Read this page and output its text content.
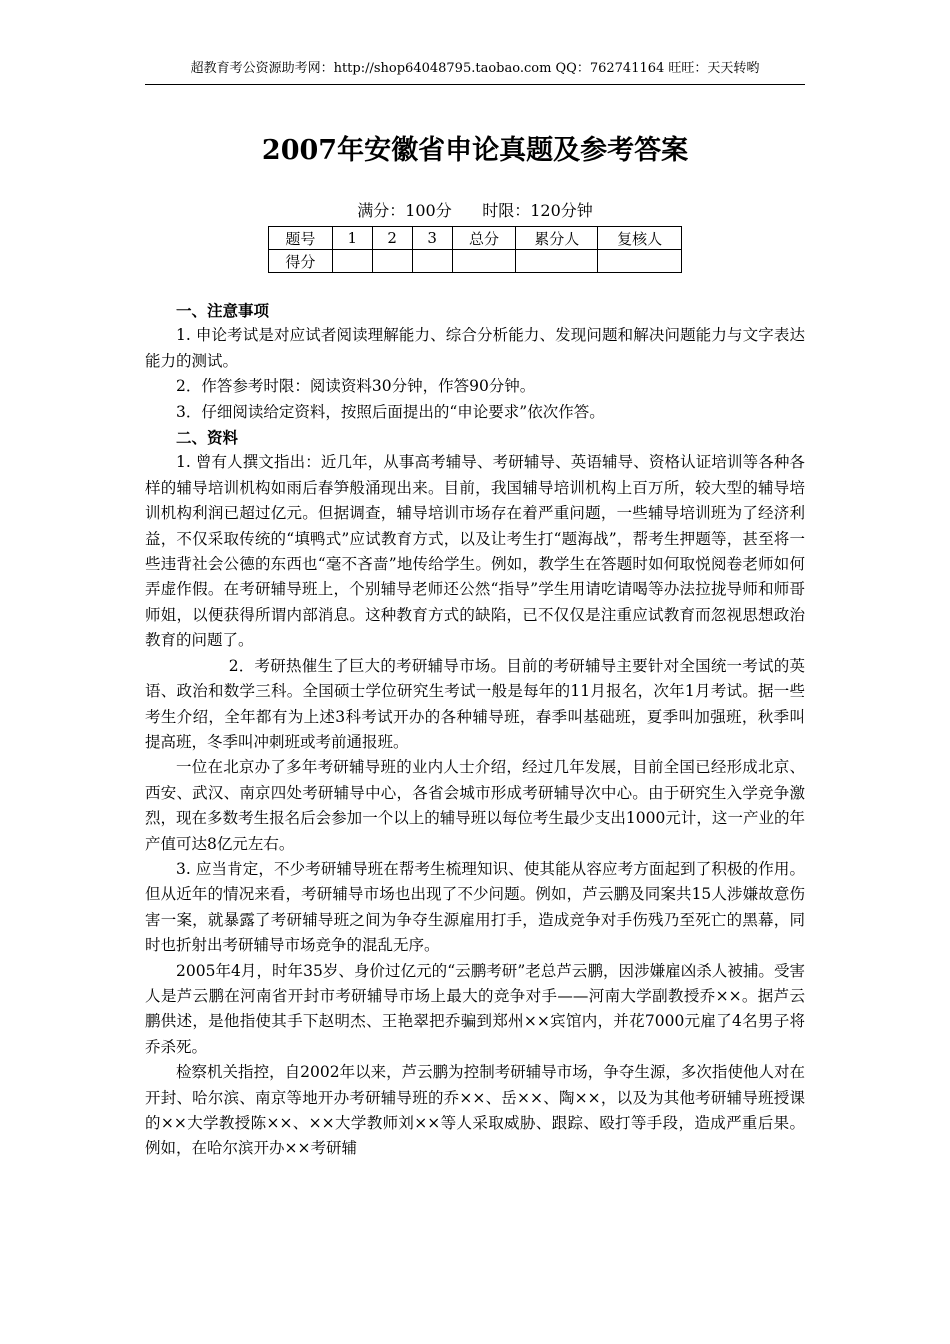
超教育考公资源助考网：http://shop64048795.taobao.com QQ：762741164 旺旺：天天转哟
2007年安徽省申论真题及参考答案
满分：100分      时限：120分钟
题号	1	2	3	总分	累分人	复核人
得分						

一、注意事项

1. 申论考试是对应试者阅读理解能力、综合分析能力、发现问题和解决问题能力与文字表达能力的测试。

2．作答参考时限：阅读资料30分钟，作答90分钟。

3．仔细阅读给定资料，按照后面提出的“申论要求”依次作答。

二、资料

1. 曾有人撰文指出：近几年，从事高考辅导、考研辅导、英语辅导、资格认证培训等各种各样的辅导培训机构如雨后春笋般涌现出来。目前，我国辅导培训机构上百万所，较大型的辅导培训机构利润已超过亿元。但据调查，辅导培训市场存在着严重问题，一些辅导培训班为了经济利益，不仅采取传统的“填鸭式”应试教育方式，以及让考生打“题海战”，帮考生押题等，甚至将一些违背社会公德的东西也“毫不吝啬”地传给学生。例如，教学生在答题时如何取悦阅卷老师如何弄虚作假。在考研辅导班上，个别辅导老师还公然“指导”学生用请吃请喝等办法拉拢导师和师哥师姐，以便获得所谓内部消息。这种教育方式的缺陷，已不仅仅是注重应试教育而忽视思想政治教育的问题了。

2．考研热催生了巨大的考研辅导市场。目前的考研辅导主要针对全国统一考试的英语、政治和数学三科。全国硕士学位研究生考试一般是每年的11月报名，次年1月考试。据一些考生介绍，全年都有为上述3科考试开办的各种辅导班，春季叫基础班，夏季叫加强班，秋季叫提高班，冬季叫冲刺班或考前通报班。

一位在北京办了多年考研辅导班的业内人士介绍，经过几年发展，目前全国已经形成北京、西安、武汉、南京四处考研辅导中心，各省会城市形成考研辅导次中心。由于研究生入学竞争激烈，现在多数考生报名后会参加一个以上的辅导班以每位考生最少支出1000元计，这一产业的年产值可达8亿元左右。

3. 应当肯定，不少考研辅导班在帮考生梳理知识、使其能从容应考方面起到了积极的作用。但从近年的情况来看，考研辅导市场也出现了不少问题。例如，芦云鹏及同案共15人涉嫌故意伤害一案，就暴露了考研辅导班之间为争夺生源雇用打手，造成竞争对手伤残乃至死亡的黑幕，同时也折射出考研辅导市场竞争的混乱无序。

2005年4月，时年35岁、身价过亿元的“云鹏考研”老总芦云鹏，因涉嫌雇凶杀人被捕。受害人是芦云鹏在河南省开封市考研辅导市场上最大的竞争对手——河南大学副教授乔××。据芦云鹏供述，是他指使其手下赵明杰、王艳翠把乔骗到郑州××宾馆内，并花7000元雇了4名男子将乔杀死。

检察机关指控，自2002年以来，芦云鹏为控制考研辅导市场，争夺生源，多次指使他人对在开封、哈尔滨、南京等地开办考研辅导班的乔××、岳××、陶××，以及为其他考研辅导班授课的××大学教授陈××、××大学教师刘××等人采取威胁、跟踪、殴打等手段，造成严重后果。例如，在哈尔滨开办××考研辅
